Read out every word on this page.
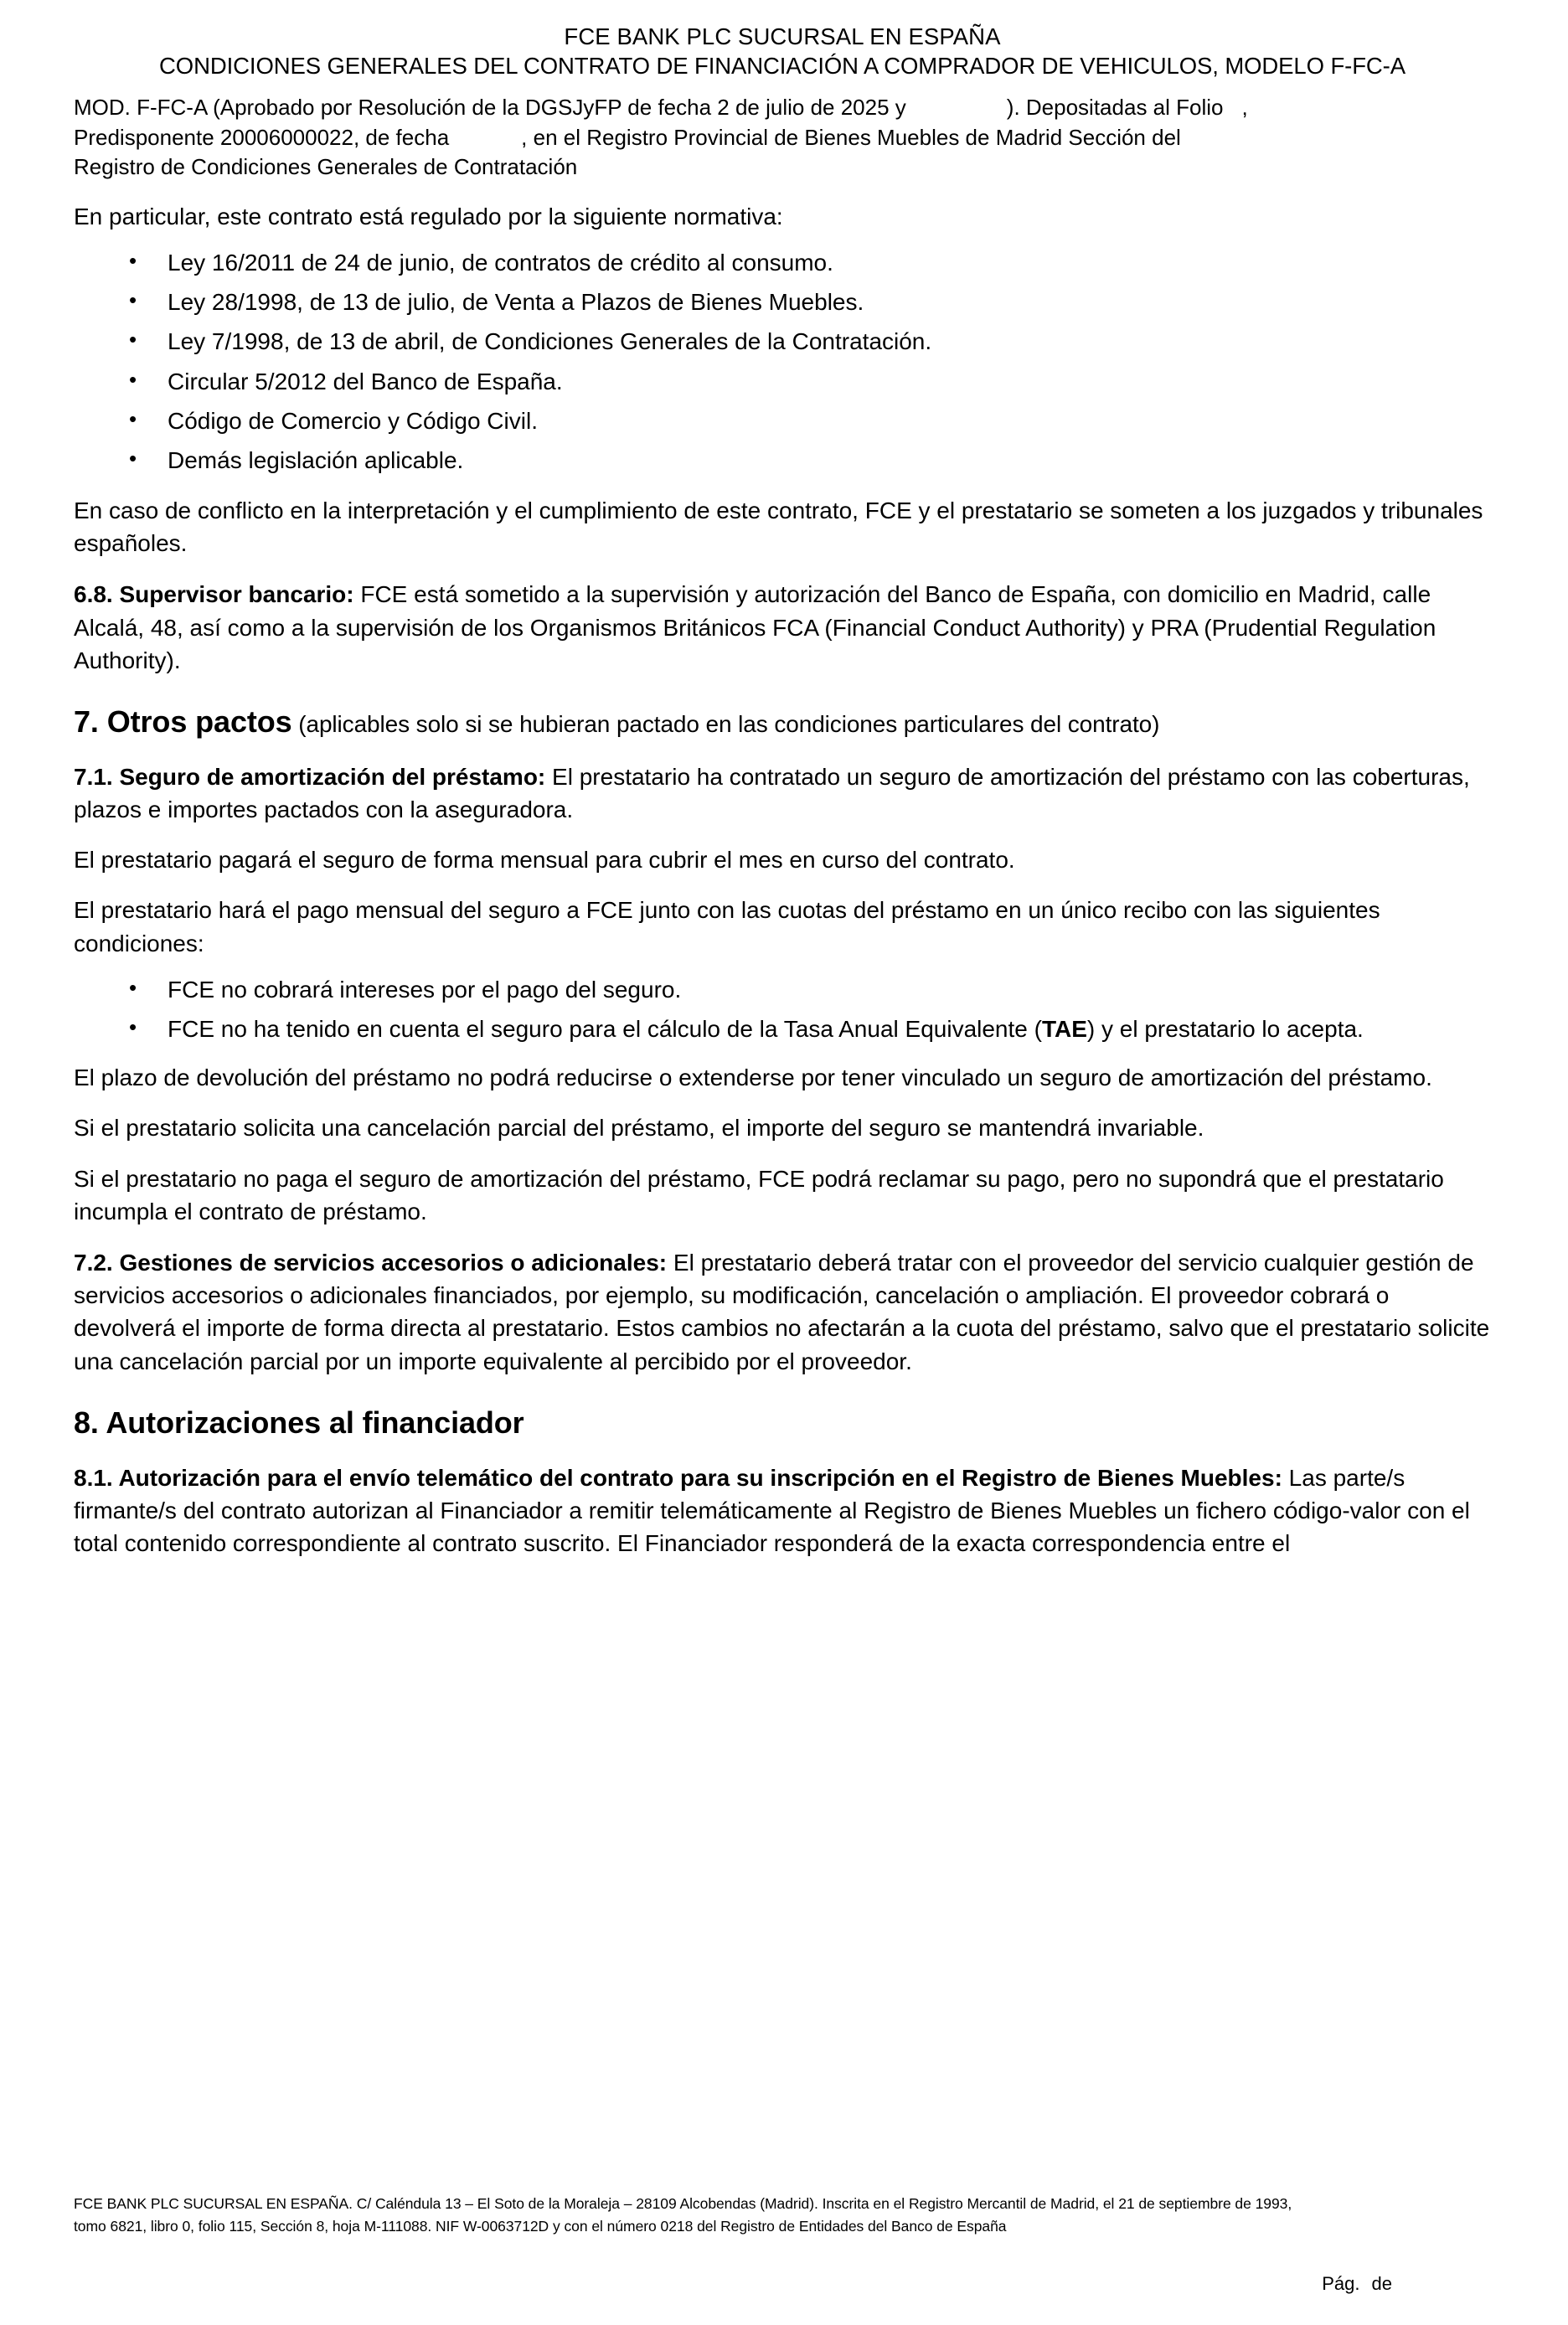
FCE BANK PLC SUCURSAL EN ESPAÑA
CONDICIONES GENERALES DEL CONTRATO DE FINANCIACIÓN A COMPRADOR DE VEHICULOS, MODELO F-FC-A
MOD. F-FC-A (Aprobado por Resolución de la DGSJyFP de fecha 2 de julio de 2025 y	). Depositadas al Folio ,
Predisponente 20006000022, de fecha	, en el Registro Provincial de Bienes Muebles de Madrid Sección del
Registro de Condiciones Generales de Contratación

En particular, este contrato está regulado por la siguiente normativa:

• Ley 16/2011 de 24 de junio, de contratos de crédito al consumo.
• Ley 28/1998, de 13 de julio, de Venta a Plazos de Bienes Muebles.
• Ley 7/1998, de 13 de abril, de Condiciones Generales de la Contratación.
• Circular 5/2012 del Banco de España.
• Código de Comercio y Código Civil.
• Demás legislación aplicable.

En caso de conflicto en la interpretación y el cumplimiento de este contrato, FCE y el prestatario se someten a los juzgados y tribunales españoles.

6.8. Supervisor bancario: FCE está sometido a la supervisión y autorización del Banco de España, con domicilio en Madrid, calle Alcalá, 48, así como a la supervisión de los Organismos Británicos FCA (Financial Conduct Authority) y PRA (Prudential Regulation Authority).
7. Otros pactos (aplicables solo si se hubieran pactado en las condiciones particulares del contrato)
7.1. Seguro de amortización del préstamo: El prestatario ha contratado un seguro de amortización del préstamo con las coberturas, plazos e importes pactados con la aseguradora.

El prestatario pagará el seguro de forma mensual para cubrir el mes en curso del contrato.

El prestatario hará el pago mensual del seguro a FCE junto con las cuotas del préstamo en un único recibo con las siguientes condiciones:

• FCE no cobrará intereses por el pago del seguro.
• FCE no ha tenido en cuenta el seguro para el cálculo de la Tasa Anual Equivalente (TAE) y el prestatario lo acepta.

El plazo de devolución del préstamo no podrá reducirse o extenderse por tener vinculado un seguro de amortización del préstamo.

Si el prestatario solicita una cancelación parcial del préstamo, el importe del seguro se mantendrá invariable.

Si el prestatario no paga el seguro de amortización del préstamo, FCE podrá reclamar su pago, pero no supondrá que el prestatario incumpla el contrato de préstamo.

7.2. Gestiones de servicios accesorios o adicionales: El prestatario deberá tratar con el proveedor del servicio cualquier gestión de servicios accesorios o adicionales financiados, por ejemplo, su modificación, cancelación o ampliación. El proveedor cobrará o devolverá el importe de forma directa al prestatario. Estos cambios no afectarán a la cuota del préstamo, salvo que el prestatario solicite una cancelación parcial por un importe equivalente al percibido por el proveedor.
8. Autorizaciones al financiador
8.1. Autorización para el envío telemático del contrato para su inscripción en el Registro de Bienes Muebles: Las parte/s firmante/s del contrato autorizan al Financiador a remitir telemáticamente al Registro de Bienes Muebles un fichero código-valor con el total contenido correspondiente al contrato suscrito. El Financiador responderá de la exacta correspondencia entre el
FCE BANK PLC SUCURSAL EN ESPAÑA. C/ Caléndula 13 – El Soto de la Moraleja – 28109 Alcobendas (Madrid). Inscrita en el Registro Mercantil de Madrid, el 21 de septiembre de 1993,
tomo 6821, libro 0, folio 115, Sección 8, hoja M-111088. NIF W-0063712D y con el número 0218 del Registro de Entidades del Banco de España
Pág. de
